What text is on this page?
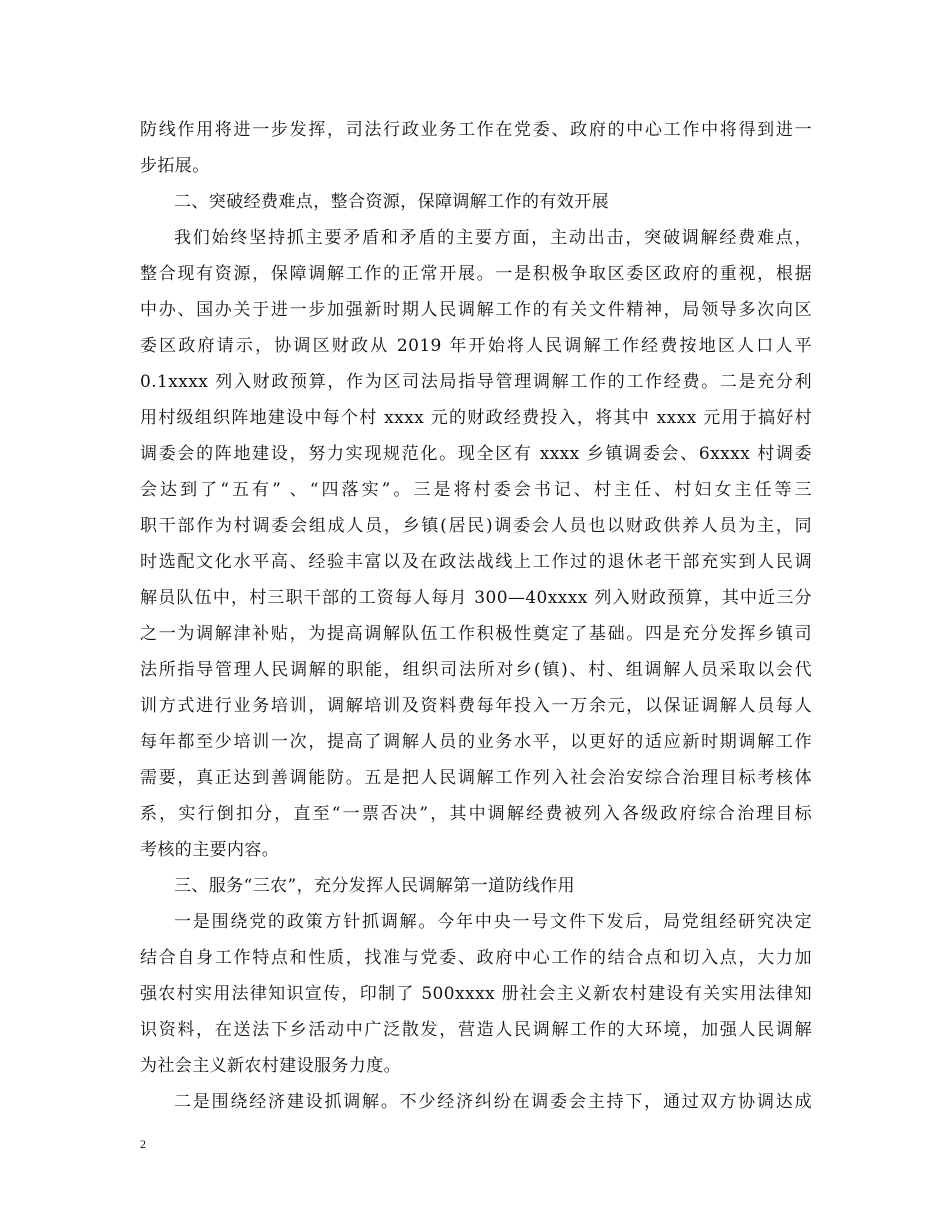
防线作用将进一步发挥，司法行政业务工作在党委、政府的中心工作中将得到进一
步拓展。
二、突破经费难点，整合资源，保障调解工作的有效开展
我们始终坚持抓主要矛盾和矛盾的主要方面，主动出击，突破调解经费难点，
整合现有资源，保障调解工作的正常开展。一是积极争取区委区政府的重视，根据
中办、国办关于进一步加强新时期人民调解工作的有关文件精神，局领导多次向区
委区政府请示，协调区财政从 2019 年开始将人民调解工作经费按地区人口人平
0.1xxxx 列入财政预算，作为区司法局指导管理调解工作的工作经费。二是充分利
用村级组织阵地建设中每个村 xxxx 元的财政经费投入，将其中 xxxx 元用于搞好村
调委会的阵地建设，努力实现规范化。现全区有 xxxx 乡镇调委会、6xxxx 村调委
会达到了“五有” 、“四落实”。三是将村委会书记、村主任、村妇女主任等三
职干部作为村调委会组成人员，乡镇(居民)调委会人员也以财政供养人员为主，同
时选配文化水平高、经验丰富以及在政法战线上工作过的退休老干部充实到人民调
解员队伍中，村三职干部的工资每人每月 300—40xxxx 列入财政预算，其中近三分
之一为调解津补贴，为提高调解队伍工作积极性奠定了基础。四是充分发挥乡镇司
法所指导管理人民调解的职能，组织司法所对乡(镇)、村、组调解人员采取以会代
训方式进行业务培训，调解培训及资料费每年投入一万余元，以保证调解人员每人
每年都至少培训一次，提高了调解人员的业务水平，以更好的适应新时期调解工作
需要，真正达到善调能防。五是把人民调解工作列入社会治安综合治理目标考核体
系，实行倒扣分，直至“一票否决”，其中调解经费被列入各级政府综合治理目标
考核的主要内容。
三、服务“三农”，充分发挥人民调解第一道防线作用
一是围绕党的政策方针抓调解。今年中央一号文件下发后，局党组经研究决定
结合自身工作特点和性质，找准与党委、政府中心工作的结合点和切入点，大力加
强农村实用法律知识宣传，印制了 500xxxx 册社会主义新农村建设有关实用法律知
识资料，在送法下乡活动中广泛散发，营造人民调解工作的大环境，加强人民调解
为社会主义新农村建设服务力度。
二是围绕经济建设抓调解。不少经济纠纷在调委会主持下，通过双方协调达成
2
